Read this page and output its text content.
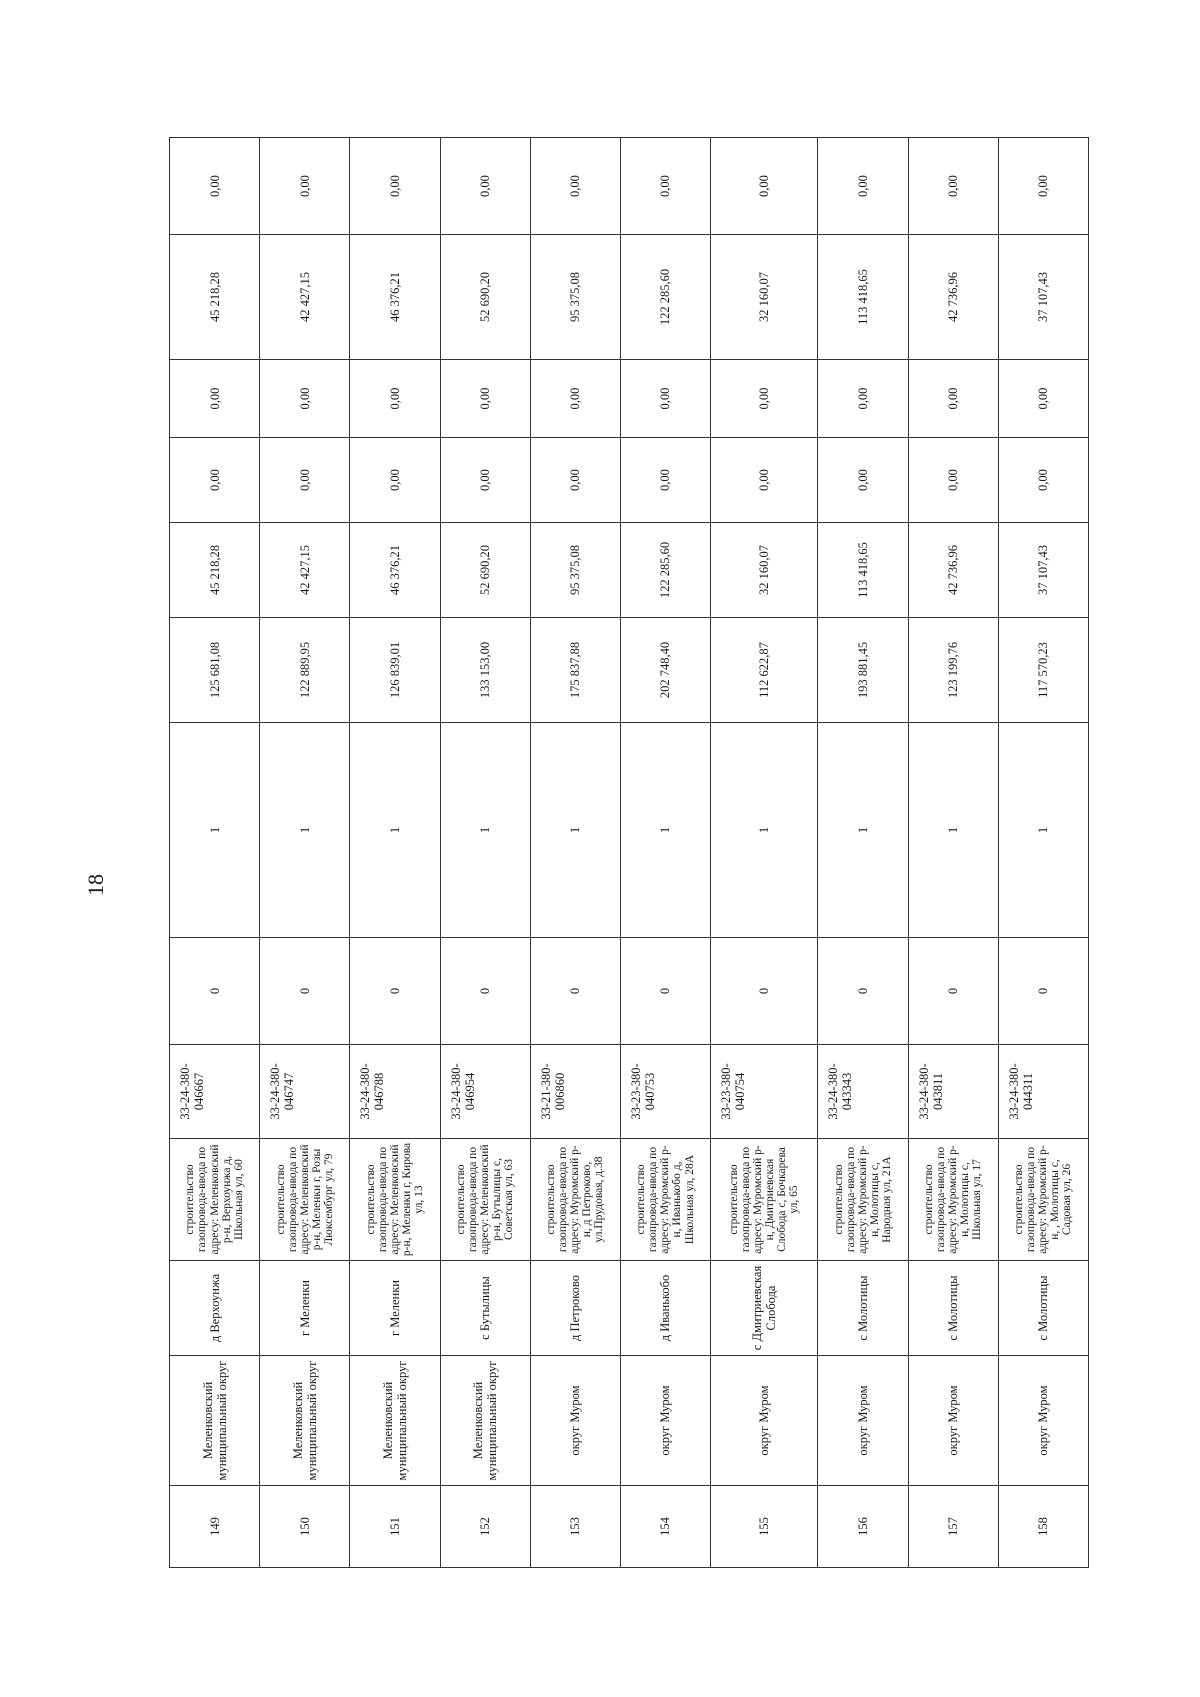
18
149	Меленковский муниципальный округ	д Верхоунжа	строительство газопровода-ввода по адресу: Меленковский р-н, Верхоунжа д, Школьная ул, 60	33-24-380-046667	0	1	125 681,08	45 218,28	0,00	0,00	45 218,28	0,00
150	Меленковский муниципальный округ	г Меленки	строительство газопровода-ввода по адресу: Меленковский р-н, Меленки г, Розы Люксембург ул, 79	33-24-380-046747	0	1	122 889,95	42 427,15	0,00	0,00	42 427,15	0,00
151	Меленковский муниципальный округ	г Меленки	строительство газопровода-ввода по адресу: Меленковский р-н, Меленки г, Кирова ул, 13	33-24-380-046788	0	1	126 839,01	46 376,21	0,00	0,00	46 376,21	0,00
152	Меленковский муниципальный округ	с Бутылицы	строительство газопровода-ввода по адресу: Меленковский р-н, Бутылицы с, Советская ул, 63	33-24-380-046954	0	1	133 153,00	52 690,20	0,00	0,00	52 690,20	0,00
153	округ Муром	д Петроково	строительство газопровода-ввода по адресу: Муромский р-н, д Петроково, ул.Прудовая, д.38	33-21-380-006860	0	1	175 837,88	95 375,08	0,00	0,00	95 375,08	0,00
154	округ Муром	д Иванькобо	строительство газопровода-ввода по адресу: Муромский р-н, Иванькобо д, Школьная ул, 28А	33-23-380-040753	0	1	202 748,40	122 285,60	0,00	0,00	122 285,60	0,00
155	округ Муром	с Дмитриевская Слобода	строительство газопровода-ввода по адресу: Муромский р-н, Дмитриевская Слобода с, Бочкарева ул, 65	33-23-380-040754	0	1	112 622,87	32 160,07	0,00	0,00	32 160,07	0,00
156	округ Муром	с Молотицы	строительство газопровода-ввода по адресу: Муромский р-н, Молотицы с, Народная ул, 21А	33-24-380-043343	0	1	193 881,45	113 418,65	0,00	0,00	113 418,65	0,00
157	округ Муром	с Молотицы	строительство газопровода-ввода по адресу: Муромский р-н, Молотицы с, Школьная ул, 17	33-24-380-043811	0	1	123 199,76	42 736,96	0,00	0,00	42 736,96	0,00
158	округ Муром	с Молотицы	строительство газопровода-ввода по адресу: Муромский р-н, , Молотицы с, Садовая ул, 26	33-24-380-044311	0	1	117 570,23	37 107,43	0,00	0,00	37 107,43	0,00
